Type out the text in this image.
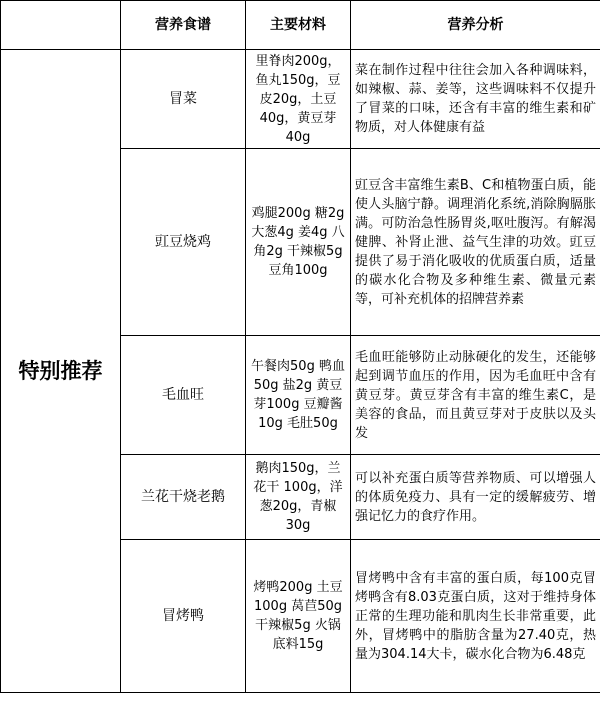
	营养食谱	主要材料	营养分析
特别推荐	冒菜	里脊肉200g，鱼丸150g，豆皮20g，土豆40g，黄豆芽40g	菜在制作过程中往往会加入各种调味料，如辣椒、蒜、姜等，这些调味料不仅提升了冒菜的口味，还含有丰富的维生素和矿物质，对人体健康有益
	豇豆烧鸡	鸡腿200g 糖2g 大葱4g 姜4g 八角2g 干辣椒5g 豆角100g	豇豆含丰富维生素B、C和植物蛋白质，能使人头脑宁静。调理消化系统,消除胸膈胀满。可防治急性肠胃炎,呕吐腹泻。有解渴健脾、补肾止泄、益气生津的功效。豇豆提供了易于消化吸收的优质蛋白质，适量的碳水化合物及多种维生素、微量元素等，可补充机体的招牌营养素
	毛血旺	午餐肉50g 鸭血50g 盐2g 黄豆芽100g 豆瓣酱10g 毛肚50g	毛血旺能够防止动脉硬化的发生，还能够起到调节血压的作用，因为毛血旺中含有黄豆芽。黄豆芽含有丰富的维生素C，是美容的食品，而且黄豆芽对于皮肤以及头发
	兰花干烧老鹅	鹅肉150g，兰花干 100g，洋葱20g，青椒30g	可以补充蛋白质等营养物质、可以增强人的体质免疫力、具有一定的缓解疲劳、增强记忆力的食疗作用。
	冒烤鸭	烤鸭200g 土豆100g 莴苣50g 干辣椒5g 火锅底料15g	冒烤鸭中含有丰富的蛋白质，每100克冒烤鸭含有8.03克蛋白质，这对于维持身体正常的生理功能和肌肉生长非常重要，此外，冒烤鸭中的脂肪含量为27.40克，热量为304.14大卡，碳水化合物为6.48克
